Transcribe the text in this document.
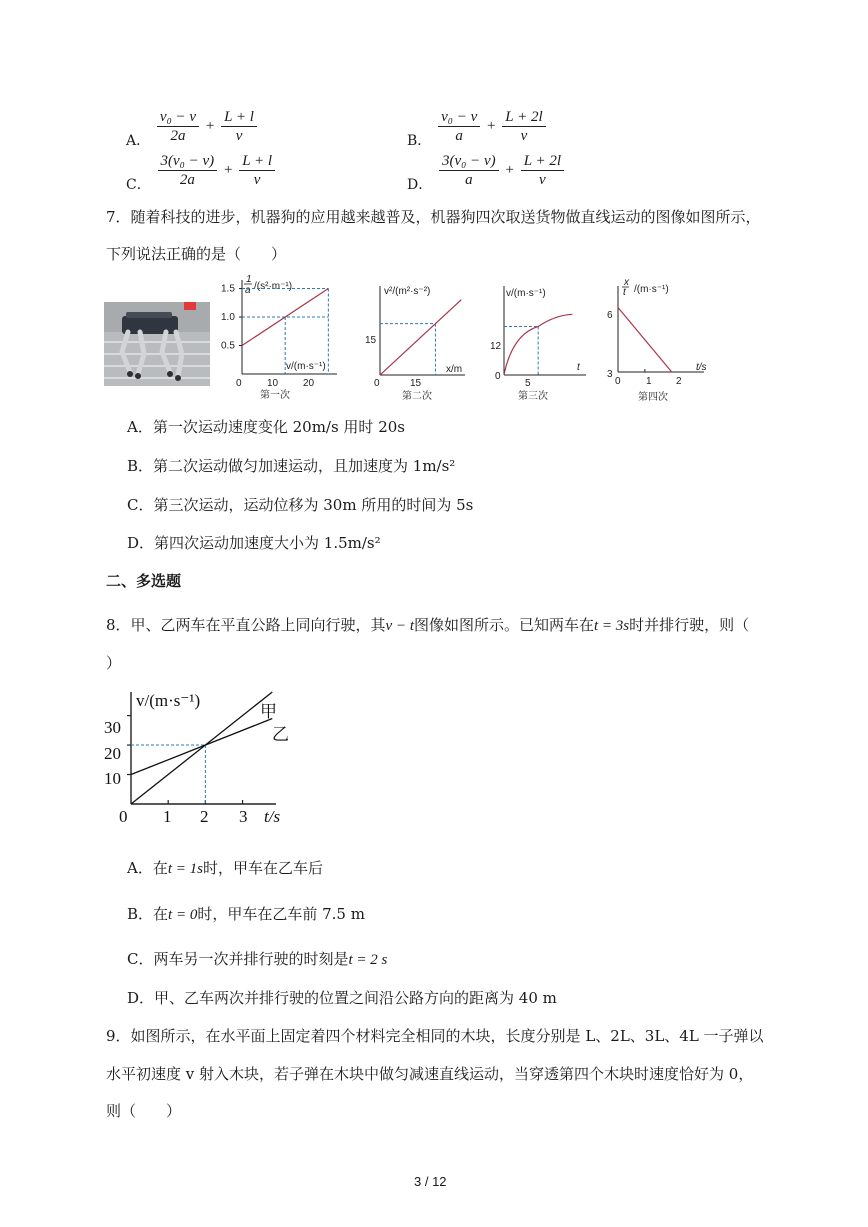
A． $\frac{\text{v₀ − v}}{2a} + \frac{L + l}{v}$	B． $\frac{\text{v₀ − v}}{a} + \frac{L + 2l}{v}$
C． $\frac{\text{3(v₀ − v)}}{2a} + \frac{L + l}{v}$	D． $\frac{\text{3(v₀ − v)}}{a} + \frac{L + 2l}{v}$
7．随着科技的进步，机器狗的应用越来越普及，机器狗四次取送货物做直线运动的图像如图所示，
下列说法正确的是（　　）
1
a /(s²·m⁻¹)
0.5
1.0
1.5
v/(m·s⁻¹)
0	10 20
第一次
v²/(m²·s⁻²)
x/m
15
0	15
第二次
v/(m·s⁻¹)
t
12
0
5
第三次
x
t /(m·s⁻¹)
t/s
6
3
0	1 2
第四次
A．第一次运动速度变化 20m/s 用时 20s
B．第二次运动做匀加速运动，且加速度为 1m/s²
C．第三次运动，运动位移为 30m 所用的时间为 5s
D．第四次运动加速度大小为 1.5m/s²
二、多选题
8．甲、乙两车在平直公路上同向行驶，其v − t图像如图所示。已知两车在t = 3s时并排行驶，则（
）
v/(m·s⁻¹)
甲
乙
30
20
10
0 1 2 3 t/s
A．在t = 1s时，甲车在乙车后
B．在t = 0时，甲车在乙车前 7.5 m
C．两车另一次并排行驶的时刻是t = 2 s
D．甲、乙车两次并排行驶的位置之间沿公路方向的距离为 40 m
9．如图所示，在水平面上固定着四个材料完全相同的木块，长度分别是 L、2L、3L、4L 一子弹以
水平初速度 v 射入木块，若子弹在木块中做匀减速直线运动，当穿透第四个木块时速度恰好为 0，
则（　　）
3 / 12
